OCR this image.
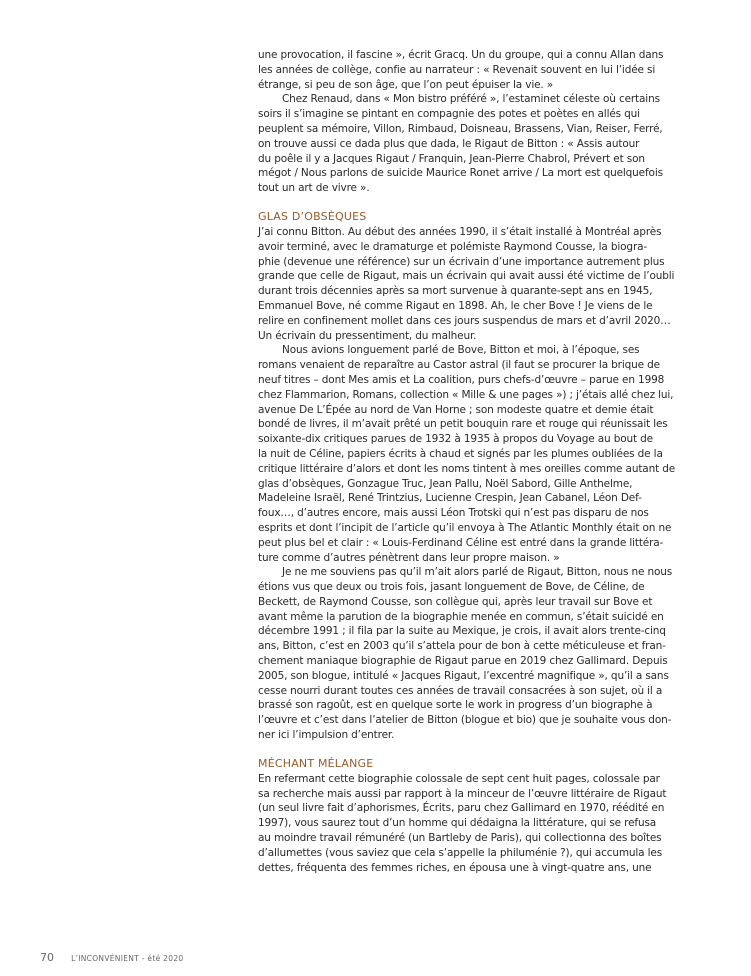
une provocation, il fascine », écrit Gracq. Un du groupe, qui a connu Allan dans
les années de collège, confie au narrateur : « Revenait souvent en lui l’idée si
étrange, si peu de son âge, que l’on peut épuiser la vie. »
Chez Renaud, dans « Mon bistro préféré », l’estaminet céleste où certains
soirs il s’imagine se pintant en compagnie des potes et poètes en allés qui
peuplent sa mémoire, Villon, Rimbaud, Doisneau, Brassens, Vian, Reiser, Ferré,
on trouve aussi ce dada plus que dada, le Rigaut de Bitton : « Assis autour
du poêle il y a Jacques Rigaut / Franquin, Jean-Pierre Chabrol, Prévert et son
mégot / Nous parlons de suicide Maurice Ronet arrive / La mort est quelquefois
tout un art de vivre ».
GLAS D’OBSÈQUES
J’ai connu Bitton. Au début des années 1990, il s’était installé à Montréal après
avoir terminé, avec le dramaturge et polémiste Raymond Cousse, la biogra-
phie (devenue une référence) sur un écrivain d’une importance autrement plus
grande que celle de Rigaut, mais un écrivain qui avait aussi été victime de l’oubli
durant trois décennies après sa mort survenue à quarante-sept ans en 1945,
Emmanuel Bove, né comme Rigaut en 1898. Ah, le cher Bove ! Je viens de le
relire en confinement mollet dans ces jours suspendus de mars et d’avril 2020…
Un écrivain du pressentiment, du malheur.
Nous avions longuement parlé de Bove, Bitton et moi, à l’époque, ses
romans venaient de reparaître au Castor astral (il faut se procurer la brique de
neuf titres – dont Mes amis et La coalition, purs chefs-d’œuvre – parue en 1998
chez Flammarion, Romans, collection « Mille & une pages ») ; j’étais allé chez lui,
avenue De L’Épée au nord de Van Horne ; son modeste quatre et demie était
bondé de livres, il m’avait prêté un petit bouquin rare et rouge qui réunissait les
soixante-dix critiques parues de 1932 à 1935 à propos du Voyage au bout de
la nuit de Céline, papiers écrits à chaud et signés par les plumes oubliées de la
critique littéraire d’alors et dont les noms tintent à mes oreilles comme autant de
glas d’obsèques, Gonzague Truc, Jean Pallu, Noël Sabord, Gille Anthelme,
Madeleine Israël, René Trintzius, Lucienne Crespin, Jean Cabanel, Léon Def-
foux…, d’autres encore, mais aussi Léon Trotski qui n’est pas disparu de nos
esprits et dont l’incipit de l’article qu’il envoya à The Atlantic Monthly était on ne
peut plus bel et clair : « Louis-Ferdinand Céline est entré dans la grande littéra-
ture comme d’autres pénètrent dans leur propre maison. »
Je ne me souviens pas qu’il m’ait alors parlé de Rigaut, Bitton, nous ne nous
étions vus que deux ou trois fois, jasant longuement de Bove, de Céline, de
Beckett, de Raymond Cousse, son collègue qui, après leur travail sur Bove et
avant même la parution de la biographie menée en commun, s’était suicidé en
décembre 1991 ; il fila par la suite au Mexique, je crois, il avait alors trente-cinq
ans, Bitton, c’est en 2003 qu’il s’attela pour de bon à cette méticuleuse et fran-
chement maniaque biographie de Rigaut parue en 2019 chez Gallimard. Depuis
2005, son blogue, intitulé « Jacques Rigaut, l’excentré magnifique », qu’il a sans
cesse nourri durant toutes ces années de travail consacrées à son sujet, où il a
brassé son ragoût, est en quelque sorte le work in progress d’un biographe à
l’œuvre et c’est dans l’atelier de Bitton (blogue et bio) que je souhaite vous don-
ner ici l’impulsion d’entrer.
MÉCHANT MÉLANGE
En refermant cette biographie colossale de sept cent huit pages, colossale par
sa recherche mais aussi par rapport à la minceur de l’œuvre littéraire de Rigaut
(un seul livre fait d’aphorismes, Écrits, paru chez Gallimard en 1970, réédité en
1997), vous saurez tout d’un homme qui dédaigna la littérature, qui se refusa
au moindre travail rémunéré (un Bartleby de Paris), qui collectionna des boîtes
d’allumettes (vous saviez que cela s’appelle la philuménie ?), qui accumula les
dettes, fréquenta des femmes riches, en épousa une à vingt-quatre ans, une
70 L’INCONVÉNIENT - été 2020
